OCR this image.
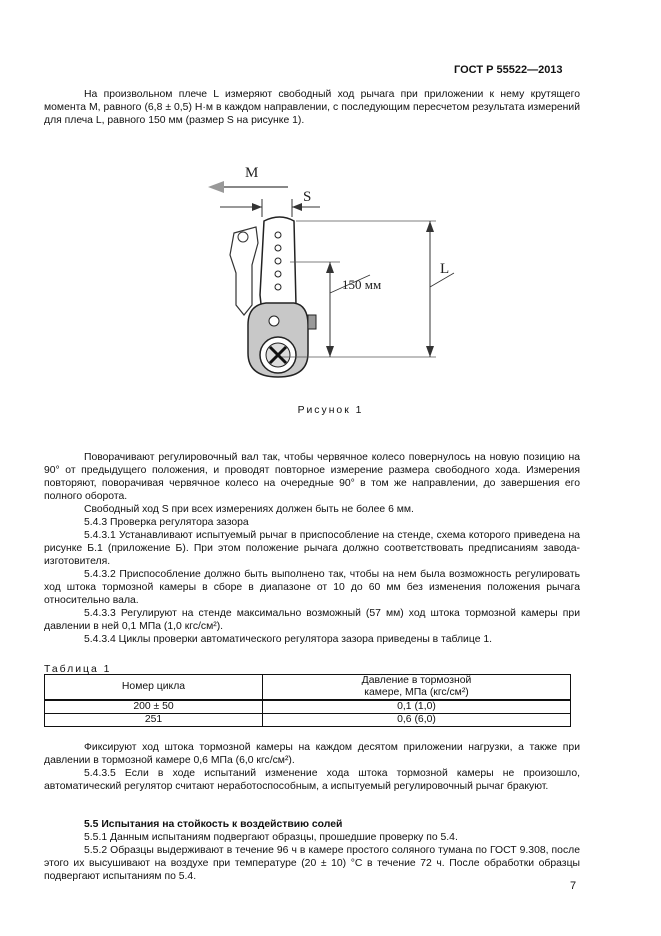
ГОСТ Р 55522—2013

На произвольном плече L измеряют свободный ход рычага при приложении к нему крутящего момента М, равного (6,8 ± 0,5) Н·м в каждом направлении, с последующим пересчетом результата измерений для плеча L, равного 150 мм (размер S на рисунке 1).

M
S
150 мм
L
Рисунок 1

Поворачивают регулировочный вал так, чтобы червячное колесо повернулось на новую позицию на 90° от предыдущего положения, и проводят повторное измерение размера свободного хода. Измерения повторяют, поворачивая червячное колесо на очередные 90° в том же направлении, до завершения его полного оборота.

Свободный ход S при всех измерениях должен быть не более 6 мм.

5.4.3 Проверка регулятора зазора

5.4.3.1 Устанавливают испытуемый рычаг в приспособление на стенде, схема которого приведена на рисунке Б.1 (приложение Б). При этом положение рычага должно соответствовать предписаниям завода-изготовителя.

5.4.3.2 Приспособление должно быть выполнено так, чтобы на нем была возможность регулировать ход штока тормозной камеры в сборе в диапазоне от 10 до 60 мм без изменения положения рычага относительно вала.

5.4.3.3 Регулируют на стенде максимально возможный (57 мм) ход штока тормозной камеры при давлении в ней 0,1 МПа (1,0 кгс/см²).

5.4.3.4 Циклы проверки автоматического регулятора зазора приведены в таблице 1.

Таблица 1
Номер цикла	Давление в тормозной
камере, МПа (кгс/см²)

200 ± 50	0,1 (1,0)
251	0,6 (6,0)

Фиксируют ход штока тормозной камеры на каждом десятом приложении нагрузки, а также при давлении в тормозной камере 0,6 МПа (6,0 кгс/см²).

5.4.3.5 Если в ходе испытаний изменение хода штока тормозной камеры не произошло, автоматический регулятор считают неработоспособным, а испытуемый регулировочный рычаг бракуют.

5.5 Испытания на стойкость к воздействию солей

5.5.1 Данным испытаниям подвергают образцы, прошедшие проверку по 5.4.

5.5.2 Образцы выдерживают в течение 96 ч в камере простого соляного тумана по ГОСТ 9.308, после этого их высушивают на воздухе при температуре (20 ± 10) °С в течение 72 ч. После обработки образцы подвергают испытаниям по 5.4.

7
